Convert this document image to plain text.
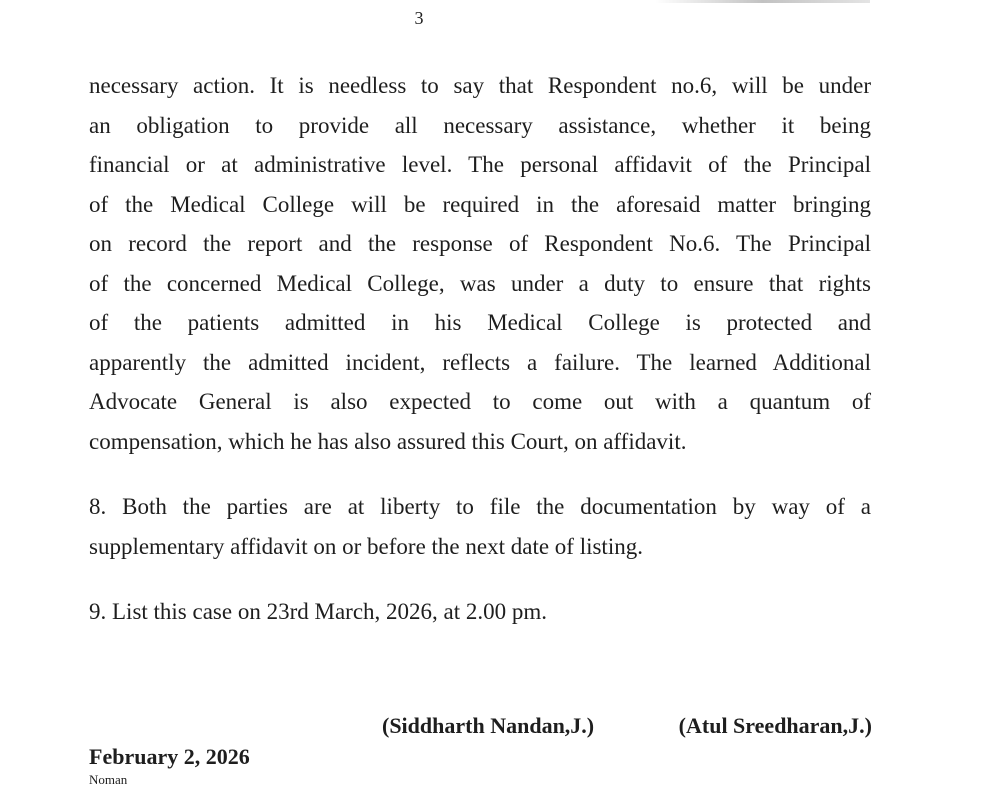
3
necessary action. It is needless to say that Respondent no.6, will be under
an obligation to provide all necessary assistance, whether it being
financial or at administrative level. The personal affidavit of the Principal
of the Medical College will be required in the aforesaid matter bringing
on record the report and the response of Respondent No.6. The Principal
of the concerned Medical College, was under a duty to ensure that rights
of the patients admitted in his Medical College is protected and
apparently the admitted incident, reflects a failure. The learned Additional
Advocate General is also expected to come out with a quantum of
compensation, which he has also assured this Court, on affidavit.
8. Both the parties are at liberty to file the documentation by way of a
supplementary affidavit on or before the next date of listing.
9. List this case on 23rd March, 2026, at 2.00 pm.
(Siddharth Nandan,J.)	(Atul Sreedharan,J.)
February 2, 2026
Noman
